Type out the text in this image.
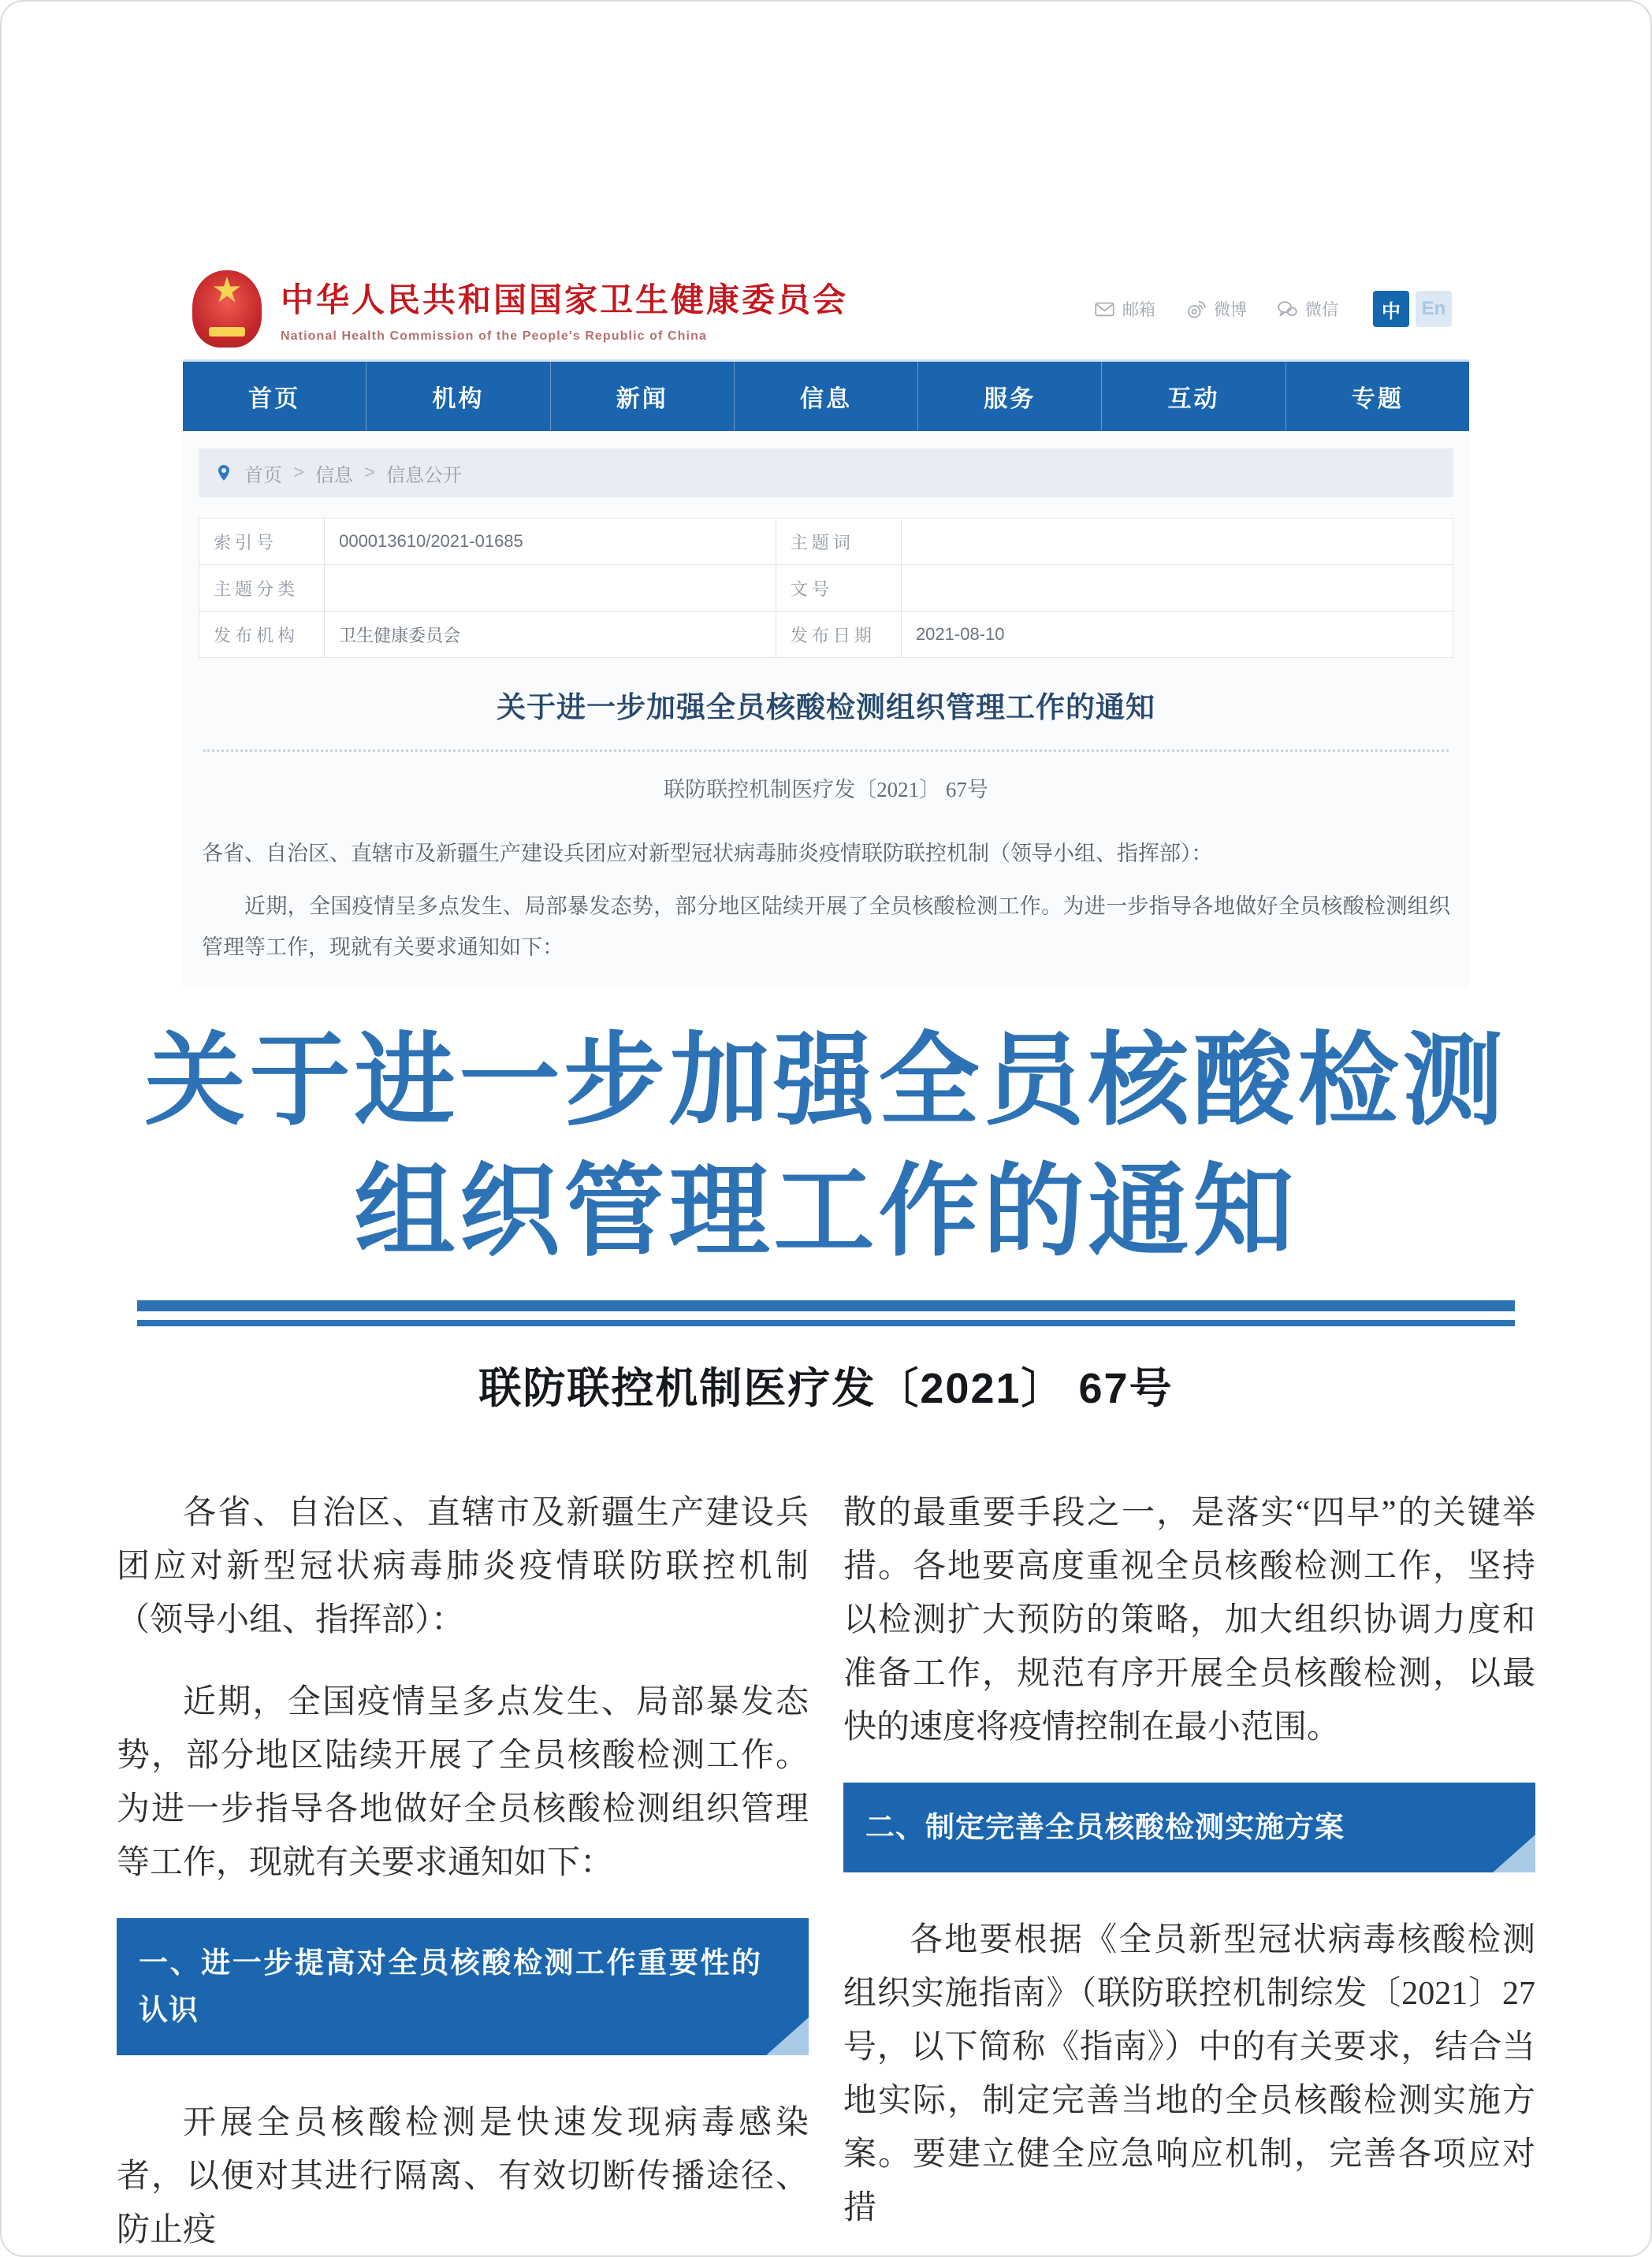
★ 中华人民共和国国家卫生健康委员会
National Health Commission of the People's Republic of China
邮箱	微博	微信	中	En
首页	机构	新闻	信息	服务	互动	专题
首页 > 信息 > 信息公开
索引号	000013610/2021-01685	主题词	
主题分类		文号	
发布机构	卫生健康委员会	发布日期	2021-08-10
关于进一步加强全员核酸检测组织管理工作的通知
联防联控机制医疗发〔2021〕 67号

各省、自治区、直辖市及新疆生产建设兵团应对新型冠状病毒肺炎疫情联防联控机制（领导小组、指挥部）：

近期，全国疫情呈多点发生、局部暴发态势，部分地区陆续开展了全员核酸检测工作。为进一步指导各地做好全员核酸检测组织管理等工作，现就有关要求通知如下：

关于进一步加强全员核酸检测
组织管理工作的通知
联防联控机制医疗发〔2021〕 67号

各省、自治区、直辖市及新疆生产建设兵团应对新型冠状病毒肺炎疫情联防联控机制（领导小组、指挥部）：

近期，全国疫情呈多点发生、局部暴发态势，部分地区陆续开展了全员核酸检测工作。为进一步指导各地做好全员核酸检测组织管理等工作，现就有关要求通知如下：

一、进一步提高对全员核酸检测工作重要性的认识

开展全员核酸检测是快速发现病毒感染者，以便对其进行隔离、有效切断传播途径、防止疫

散的最重要手段之一，是落实“四早”的关键举措。各地要高度重视全员核酸检测工作，坚持以检测扩大预防的策略，加大组织协调力度和准备工作，规范有序开展全员核酸检测，以最快的速度将疫情控制在最小范围。

二、制定完善全员核酸检测实施方案

各地要根据《全员新型冠状病毒核酸检测组织实施指南》（联防联控机制综发〔2021〕27号，以下简称《指南》）中的有关要求，结合当地实际，制定完善当地的全员核酸检测实施方案。要建立健全应急响应机制，完善各项应对措
